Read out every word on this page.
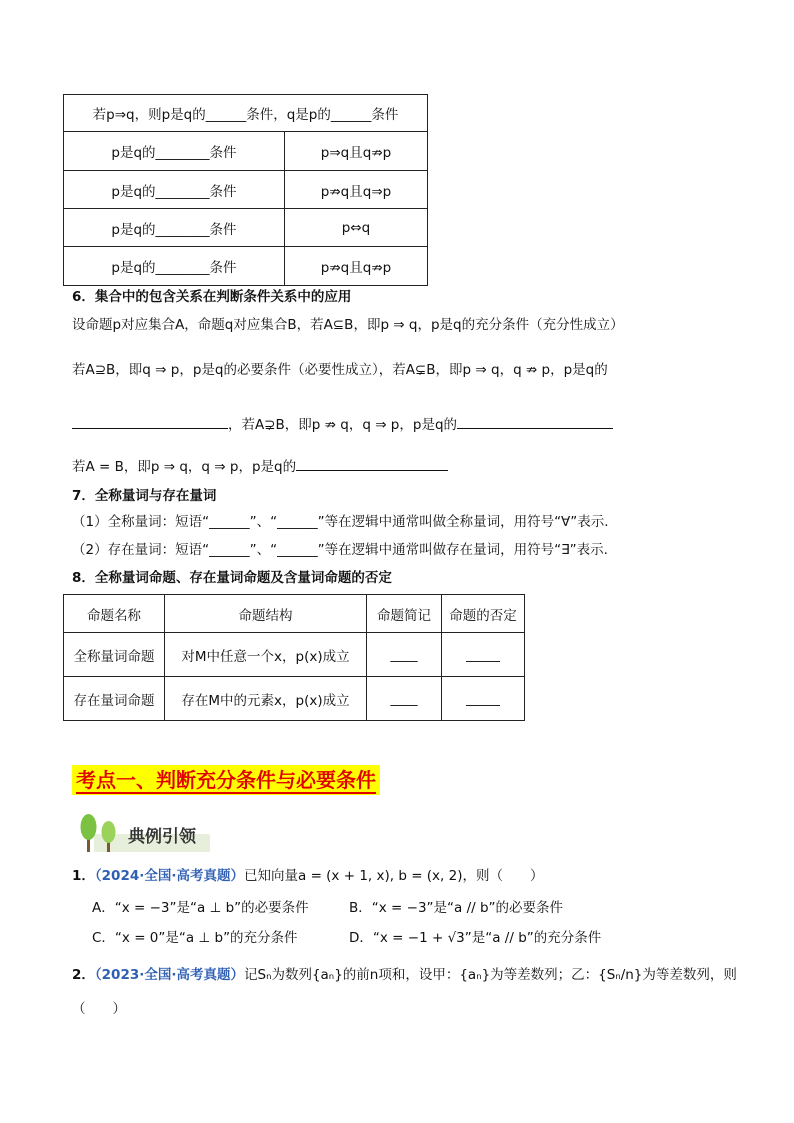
若p⇒q，则p是q的______条件，q是p的______条件	
p是q的________条件	p⇒q且q⇏p
p是q的________条件	p⇏q且q⇒p
p是q的________条件	p⇔q
p是q的________条件	p⇏q且q⇏p
6．集合中的包含关系在判断条件关系中的应用
设命题p对应集合A，命题q对应集合B，若A⊆B，即p ⇒ q，p是q的充分条件（充分性成立）
若A⊇B，即q ⇒ p，p是q的必要条件（必要性成立），若A⊊B，即p ⇒ q，q ⇏ p，p是q的
，若A⊋B，即p ⇏ q，q ⇒ p，p是q的
若A = B，即p ⇒ q，q ⇒ p，p是q的
7．全称量词与存在量词
（1）全称量词：短语“______”、“______”等在逻辑中通常叫做全称量词，用符号“∀”表示.
（2）存在量词：短语“______”、“______”等在逻辑中通常叫做存在量词，用符号“∃”表示.
8．全称量词命题、存在量词命题及含量词命题的否定
命题名称	命题结构	命题简记	命题的否定
全称量词命题	对M中任意一个x，p(x)成立	____	_____
存在量词命题	存在M中的元素x，p(x)成立	____	_____
考点一、判断充分条件与必要条件
典例引领
1．（2024·全国·高考真题）已知向量a = (x + 1, x), b = (x, 2)，则（　　）
A．“x = −3”是“a ⊥ b”的必要条件	B．“x = −3”是“a // b”的必要条件
C．“x = 0”是“a ⊥ b”的充分条件	D．“x = −1 + √3”是“a // b”的充分条件
2．（2023·全国·高考真题）记Sₙ为数列{aₙ}的前n项和，设甲：{aₙ}为等差数列；乙：{Sₙ/n}为等差数列，则
（　　）
